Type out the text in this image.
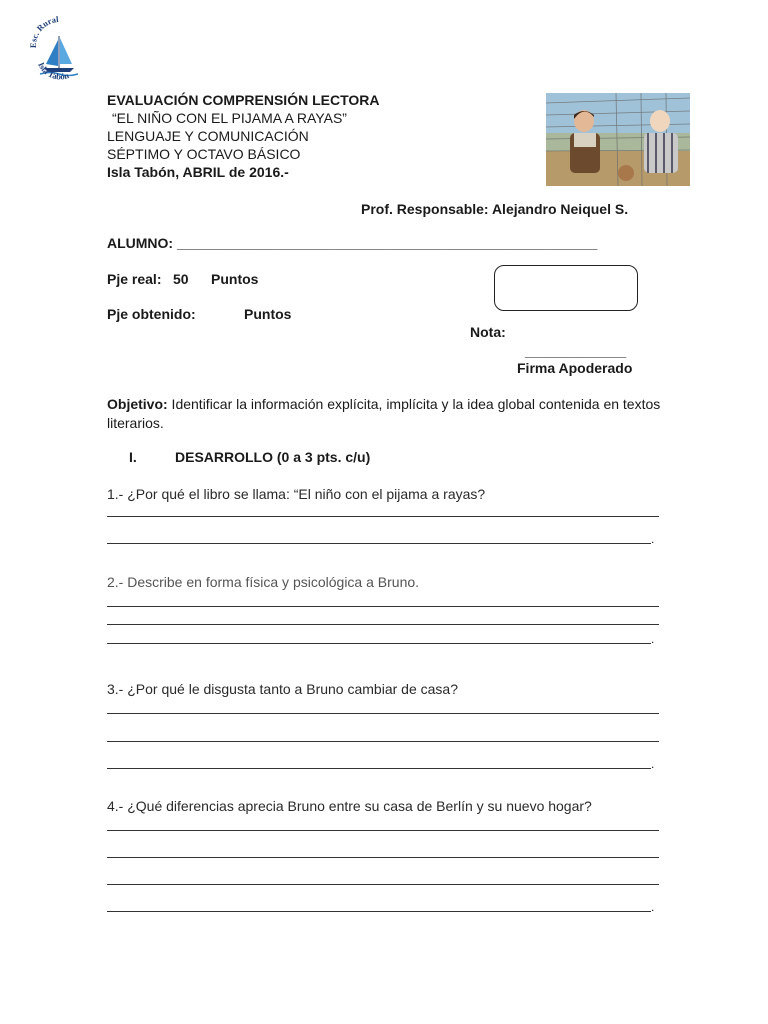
Esc. Rural
Isla Tabón
EVALUACIÓN COMPRENSIÓN LECTORA
“EL NIÑO CON EL PIJAMA A RAYAS”
LENGUAJE Y COMUNICACIÓN
SÉPTIMO Y OCTAVO BÁSICO
Isla Tabón, ABRIL de 2016.-
Prof. Responsable: Alejandro Neiquel S.
ALUMNO: ______________________________________________________
Pje real: 50 Puntos
Pje obtenido:	Puntos
Nota:
_____________
Firma Apoderado
Objetivo: Identificar la información explícita, implícita y la idea global contenida en textos literarios.
I.	DESARROLLO (0 a 3 pts. c/u)
1.- ¿Por qué el libro se llama: “El niño con el pijama a rayas?
.
2.- Describe en forma física y psicológica a Bruno.
.
3.- ¿Por qué le disgusta tanto a Bruno cambiar de casa?
.
4.- ¿Qué diferencias aprecia Bruno entre su casa de Berlín y su nuevo hogar?
.
